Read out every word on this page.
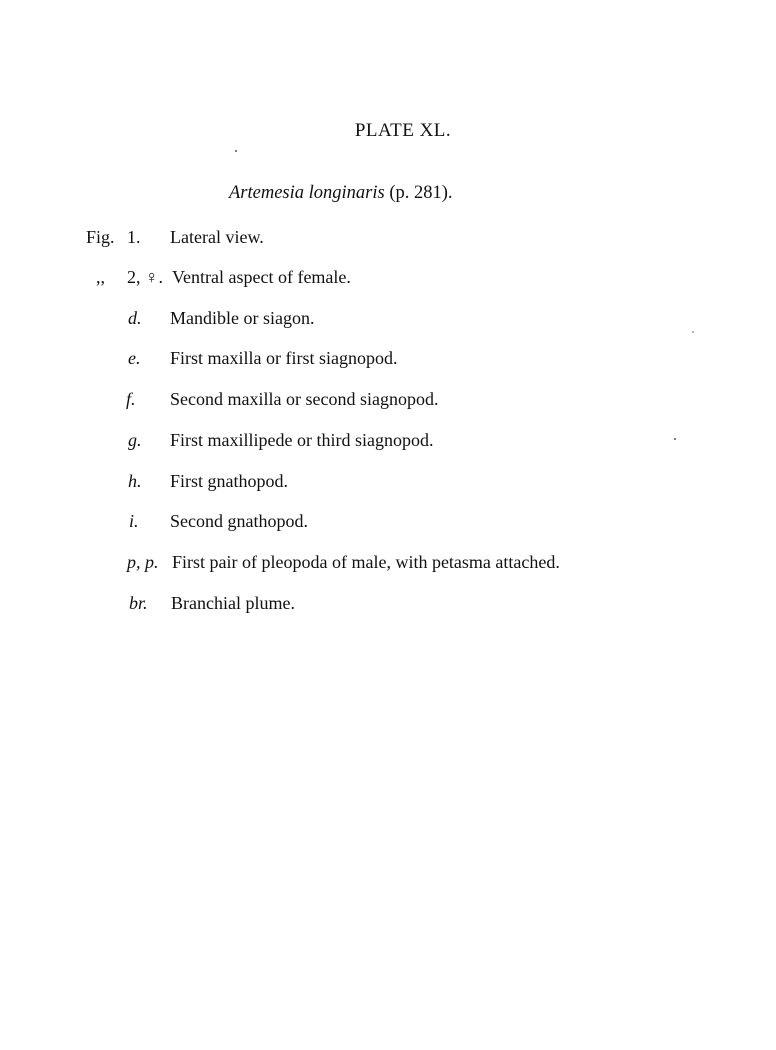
PLATE XL.
Artemesia longinaris (p. 281).
Fig. 1. Lateral view.
,, 2, ♀. Ventral aspect of female.
d. Mandible or siagon.
e. First maxilla or first siagnopod.
f. Second maxilla or second siagnopod.
g. First maxillipede or third siagnopod.
h. First gnathopod.
i. Second gnathopod.
p, p. First pair of pleopoda of male, with petasma attached.
br. Branchial plume.
